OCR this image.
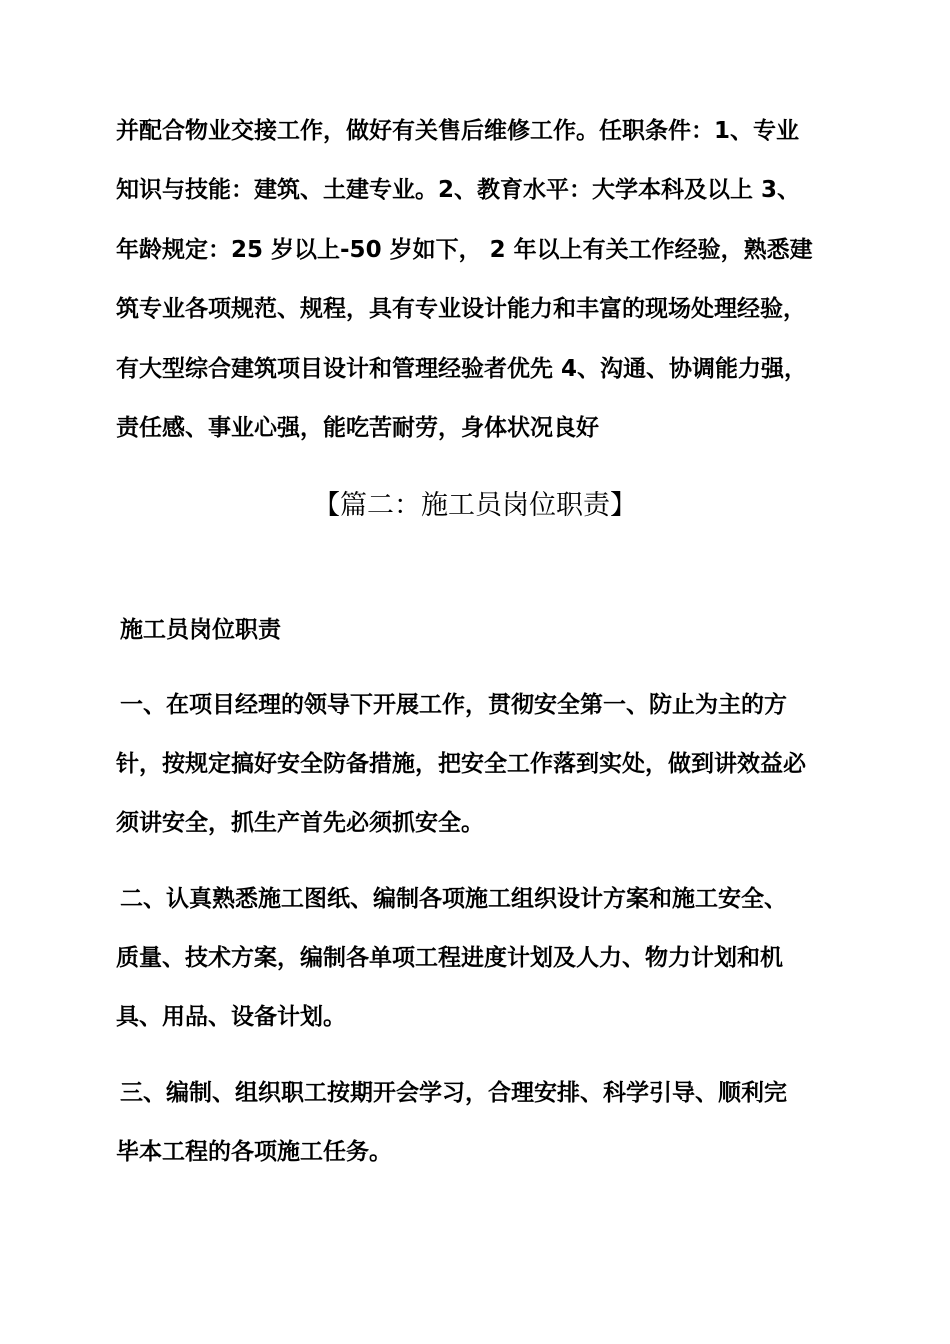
并配合物业交接工作，做好有关售后维修工作。任职条件：1、专业
知识与技能：建筑、土建专业。2、教育水平：大学本科及以上 3、
年龄规定：25 岁以上-50 岁如下， 2 年以上有关工作经验，熟悉建
筑专业各项规范、规程，具有专业设计能力和丰富的现场处理经验，
有大型综合建筑项目设计和管理经验者优先 4、沟通、协调能力强，
责任感、事业心强，能吃苦耐劳，身体状况良好
【篇二：施工员岗位职责】
施工员岗位职责
一、在项目经理的领导下开展工作，贯彻安全第一、防止为主的方
针，按规定搞好安全防备措施，把安全工作落到实处，做到讲效益必
须讲安全，抓生产首先必须抓安全。
二、认真熟悉施工图纸、编制各项施工组织设计方案和施工安全、
质量、技术方案，编制各单项工程进度计划及人力、物力计划和机
具、用品、设备计划。
三、编制、组织职工按期开会学习，合理安排、科学引导、顺利完
毕本工程的各项施工任务。
